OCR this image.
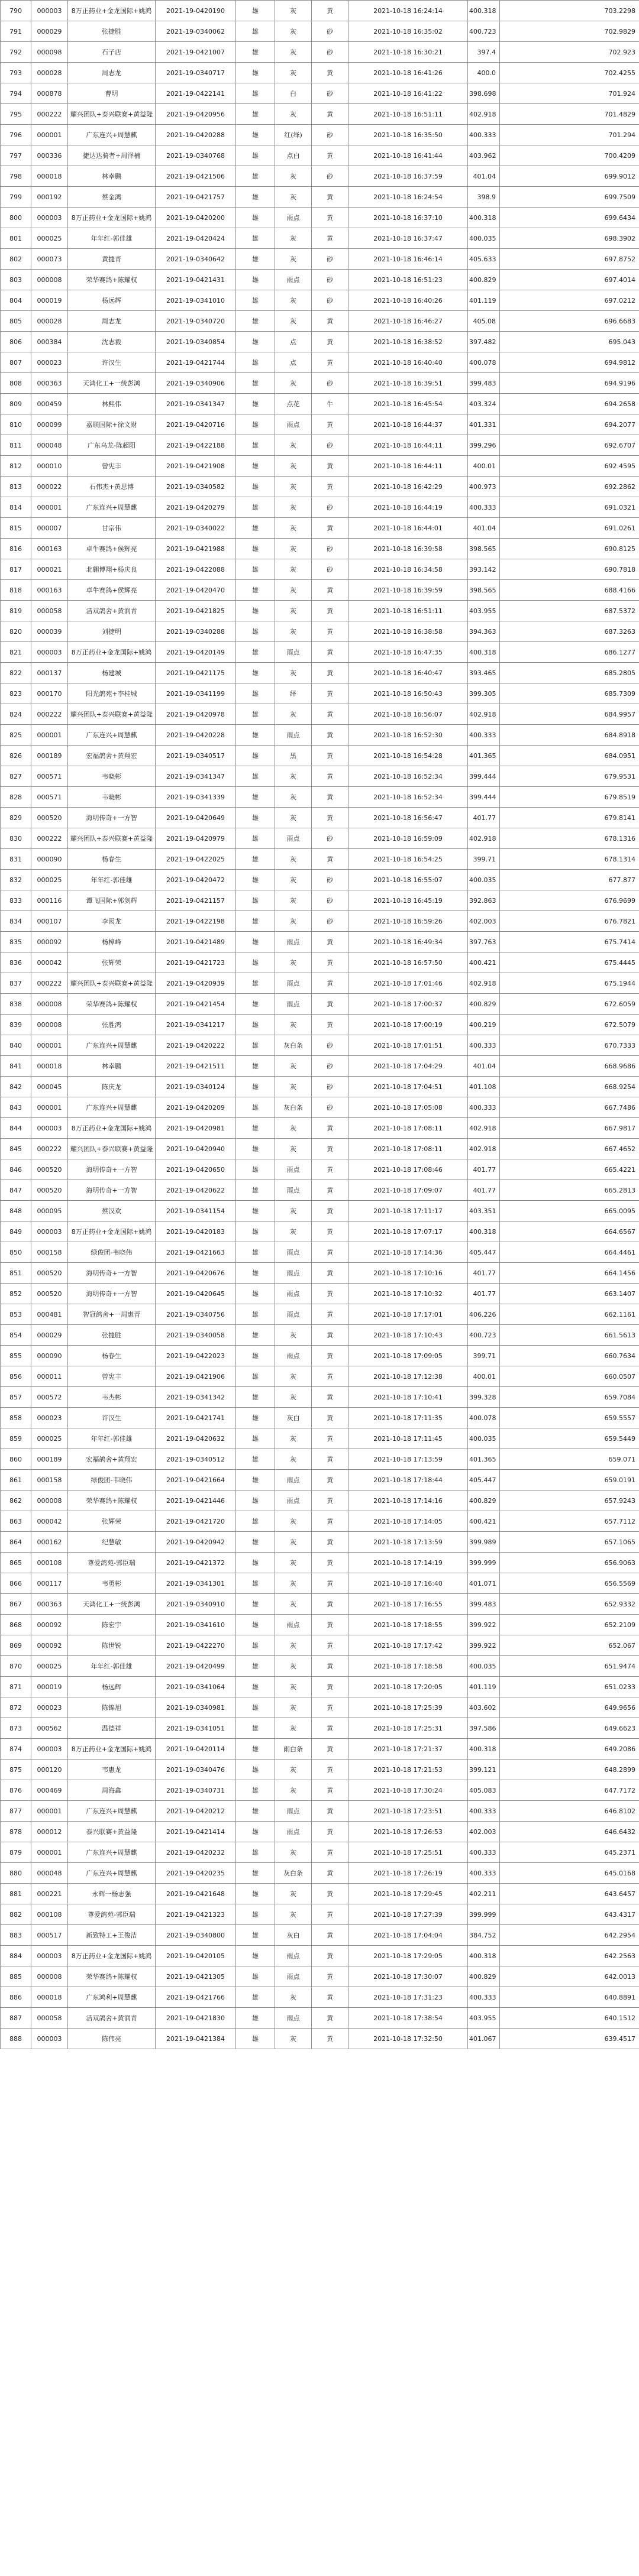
790	000003	8万正药业+金龙国际+姚鸿	2021-19-0420190	雄	灰	黄	2021-10-18 16:24:14	400.318	703.2298
791	000029	张捷胜	2021-19-0340062	雄	灰	砂	2021-10-18 16:35:02	400.723	702.9829
792	000098	石子店	2021-19-0421007	雄	灰	砂	2021-10-18 16:30:21	397.4	702.923
793	000028	周志龙	2021-19-0340717	雄	灰	黄	2021-10-18 16:41:26	400.0	702.4255
794	000878	曹明	2021-19-0422141	雄	白	砂	2021-10-18 16:41:22	398.698	701.924
795	000222	耀兴团队+泰兴联赛+黄益隆	2021-19-0420956	雄	灰	黄	2021-10-18 16:51:11	402.918	701.4829
796	000001	广东连兴+周慧麒	2021-19-0420288	雄	红(绎)	砂	2021-10-18 16:35:50	400.333	701.294
797	000336	捷达达骑者+周泽楠	2021-19-0340768	雄	点白	黄	2021-10-18 16:41:44	403.962	700.4209
798	000018	林幸鹏	2021-19-0421506	雄	灰	砂	2021-10-18 16:37:59	401.04	699.9012
799	000192	蔡金鸿	2021-19-0421757	雄	灰	黄	2021-10-18 16:24:54	398.9	699.7509
800	000003	8万正药业+金龙国际+姚鸿	2021-19-0420200	雄	雨点	黄	2021-10-18 16:37:10	400.318	699.6434
801	000025	年年红-郭佳雄	2021-19-0420424	雄	灰	黄	2021-10-18 16:37:47	400.035	698.3902
802	000073	黄捷青	2021-19-0340642	雄	灰	砂	2021-10-18 16:46:14	405.633	697.8752
803	000008	荣华赛鸽+陈耀权	2021-19-0421431	雄	雨点	砂	2021-10-18 16:51:23	400.829	697.4014
804	000019	杨远辉	2021-19-0341010	雄	灰	砂	2021-10-18 16:40:26	401.119	697.0212
805	000028	周志龙	2021-19-0340720	雄	灰	黄	2021-10-18 16:46:27	405.08	696.6683
806	000384	沈志毅	2021-19-0340854	雄	点	黄	2021-10-18 16:38:52	397.482	695.043
807	000023	许汉生	2021-19-0421744	雄	点	黄	2021-10-18 16:40:40	400.078	694.9812
808	000363	天鸿化工+一统彭鸿	2021-19-0340906	雄	灰	砂	2021-10-18 16:39:51	399.483	694.9196
809	000459	林熙伟	2021-19-0341347	雄	点花	牛	2021-10-18 16:45:54	403.324	694.2658
810	000099	嘉联国际+徐文财	2021-19-0420716	雄	雨点	黄	2021-10-18 16:44:37	401.331	694.2077
811	000048	广东乌龙-陈超阳	2021-19-0422188	雄	灰	砂	2021-10-18 16:44:11	399.296	692.6707
812	000010	曾宪丰	2021-19-0421908	雄	灰	黄	2021-10-18 16:44:11	400.01	692.4595
813	000022	石伟杰+黄思博	2021-19-0340582	雄	灰	黄	2021-10-18 16:42:29	400.973	692.2862
814	000001	广东连兴+周慧麒	2021-19-0420279	雄	灰	砂	2021-10-18 16:44:19	400.333	691.0321
815	000007	甘宗伟	2021-19-0340022	雄	灰	黄	2021-10-18 16:44:01	401.04	691.0261
816	000163	卓牛赛鸽+侯辉亮	2021-19-0421988	雄	灰	砂	2021-10-18 16:39:58	398.565	690.8125
817	000021	北翱博翔+杨庆良	2021-19-0422088	雄	灰	砂	2021-10-18 16:34:58	393.142	690.7818
818	000163	卓牛赛鸽+侯辉亮	2021-19-0420470	雄	灰	黄	2021-10-18 16:39:59	398.565	688.4166
819	000058	洁双鸽舍+黄润青	2021-19-0421825	雄	灰	黄	2021-10-18 16:51:11	403.955	687.5372
820	000039	刘捷明	2021-19-0340288	雄	灰	黄	2021-10-18 16:38:58	394.363	687.3263
821	000003	8万正药业+金龙国际+姚鸿	2021-19-0420149	雄	雨点	黄	2021-10-18 16:47:35	400.318	686.1277
822	000137	杨建城	2021-19-0421175	雄	灰	黄	2021-10-18 16:40:47	393.465	685.2805
823	000170	阳光鸽苑+李桂城	2021-19-0341199	雄	绎	黄	2021-10-18 16:50:43	399.305	685.7309
824	000222	耀兴团队+泰兴联赛+黄益隆	2021-19-0420978	雄	灰	黄	2021-10-18 16:56:07	402.918	684.9957
825	000001	广东连兴+周慧麒	2021-19-0420228	雄	雨点	黄	2021-10-18 16:52:30	400.333	684.8918
826	000189	宏福鸽舍+黄翔宏	2021-19-0340517	雄	黑	黄	2021-10-18 16:54:28	401.365	684.0951
827	000571	韦晓彬	2021-19-0341347	雄	灰	黄	2021-10-18 16:52:34	399.444	679.9531
828	000571	韦晓彬	2021-19-0341339	雄	灰	黄	2021-10-18 16:52:34	399.444	679.8519
829	000520	海明传奇+一方智	2021-19-0420649	雄	灰	黄	2021-10-18 16:56:47	401.77	679.8141
830	000222	耀兴团队+泰兴联赛+黄益隆	2021-19-0420979	雄	雨点	砂	2021-10-18 16:59:09	402.918	678.1316
831	000090	杨春生	2021-19-0422025	雄	灰	黄	2021-10-18 16:54:25	399.71	678.1314
832	000025	年年红-郭佳雄	2021-19-0420472	雄	灰	砂	2021-10-18 16:55:07	400.035	677.877
833	000116	谭飞国际+郭剑辉	2021-19-0421157	雄	灰	砂	2021-10-18 16:45:19	392.863	676.9699
834	000107	李闳龙	2021-19-0422198	雄	灰	砂	2021-10-18 16:59:26	402.003	676.7821
835	000092	杨樟峰	2021-19-0421489	雄	雨点	黄	2021-10-18 16:49:34	397.763	675.7414
836	000042	张辉荣	2021-19-0421723	雄	灰	黄	2021-10-18 16:57:50	400.421	675.4445
837	000222	耀兴团队+泰兴联赛+黄益隆	2021-19-0420939	雄	雨点	黄	2021-10-18 17:01:46	402.918	675.1944
838	000008	荣华赛鸽+陈耀权	2021-19-0421454	雄	雨点	黄	2021-10-18 17:00:37	400.829	672.6059
839	000008	张胜鸿	2021-19-0341217	雄	灰	黄	2021-10-18 17:00:19	400.219	672.5079
840	000001	广东连兴+周慧麒	2021-19-0420222	雄	灰白条	砂	2021-10-18 17:01:51	400.333	670.7333
841	000018	林幸鹏	2021-19-0421511	雄	灰	砂	2021-10-18 17:04:29	401.04	668.9686
842	000045	陈庆龙	2021-19-0340124	雄	灰	砂	2021-10-18 17:04:51	401.108	668.9254
843	000001	广东连兴+周慧麒	2021-19-0420209	雄	灰白条	砂	2021-10-18 17:05:08	400.333	667.7486
844	000003	8万正药业+金龙国际+姚鸿	2021-19-0420981	雄	灰	黄	2021-10-18 17:08:11	402.918	667.9817
845	000222	耀兴团队+泰兴联赛+黄益隆	2021-19-0420940	雄	灰	黄	2021-10-18 17:08:11	402.918	667.4652
846	000520	海明传奇+一方智	2021-19-0420650	雄	雨点	黄	2021-10-18 17:08:46	401.77	665.4221
847	000520	海明传奇+一方智	2021-19-0420622	雄	雨点	黄	2021-10-18 17:09:07	401.77	665.2813
848	000095	蔡汉欢	2021-19-0341154	雄	灰	黄	2021-10-18 17:11:17	403.351	665.0095
849	000003	8万正药业+金龙国际+姚鸿	2021-19-0420183	雄	灰	黄	2021-10-18 17:07:17	400.318	664.6567
850	000158	绿俊团-韦晓伟	2021-19-0421663	雄	雨点	黄	2021-10-18 17:14:36	405.447	664.4461
851	000520	海明传奇+一方智	2021-19-0420676	雄	雨点	黄	2021-10-18 17:10:16	401.77	664.1456
852	000520	海明传奇+一方智	2021-19-0420645	雄	雨点	黄	2021-10-18 17:10:32	401.77	663.1407
853	000481	智冠鸽舍+一周惠青	2021-19-0340756	雄	雨点	黄	2021-10-18 17:17:01	406.226	662.1161
854	000029	张捷胜	2021-19-0340058	雄	灰	黄	2021-10-18 17:10:43	400.723	661.5613
855	000090	杨春生	2021-19-0422023	雄	雨点	黄	2021-10-18 17:09:05	399.71	660.7634
856	000011	曾宪丰	2021-19-0421906	雄	灰	黄	2021-10-18 17:12:38	400.01	660.0507
857	000572	韦杰彬	2021-19-0341342	雄	灰	黄	2021-10-18 17:10:41	399.328	659.7084
858	000023	许汉生	2021-19-0421741	雄	灰白	黄	2021-10-18 17:11:35	400.078	659.5557
859	000025	年年红-郭佳雄	2021-19-0420632	雄	灰	黄	2021-10-18 17:11:45	400.035	659.5449
860	000189	宏福鸽舍+黄翔宏	2021-19-0340512	雄	灰	黄	2021-10-18 17:13:59	401.365	659.071
861	000158	绿俊团-韦晓伟	2021-19-0421664	雄	雨点	黄	2021-10-18 17:18:44	405.447	659.0191
862	000008	荣华赛鸽+陈耀权	2021-19-0421446	雄	雨点	黄	2021-10-18 17:14:16	400.829	657.9243
863	000042	张辉荣	2021-19-0421720	雄	灰	黄	2021-10-18 17:14:05	400.421	657.7112
864	000162	纪慧敏	2021-19-0420942	雄	灰	黄	2021-10-18 17:13:59	399.989	657.1065
865	000108	尊爱鸽苑-郭臣瑞	2021-19-0421372	雄	灰	黄	2021-10-18 17:14:19	399.999	656.9063
866	000117	韦勇彬	2021-19-0341301	雄	灰	黄	2021-10-18 17:16:40	401.071	656.5569
867	000363	天鸿化工+一统彭鸿	2021-19-0340910	雄	灰	黄	2021-10-18 17:16:55	399.483	652.9332
868	000092	陈宏宇	2021-19-0341610	雄	雨点	黄	2021-10-18 17:18:55	399.922	652.2109
869	000092	陈世锐	2021-19-0422270	雄	灰	黄	2021-10-18 17:17:42	399.922	652.067
870	000025	年年红-郭佳雄	2021-19-0420499	雄	灰	黄	2021-10-18 17:18:58	400.035	651.9474
871	000019	杨远辉	2021-19-0341064	雄	灰	黄	2021-10-18 17:20:05	401.119	651.0233
872	000023	陈锦旭	2021-19-0340981	雄	灰	黄	2021-10-18 17:25:39	403.602	649.9656
873	000562	温德祥	2021-19-0341051	雄	灰	黄	2021-10-18 17:25:31	397.586	649.6623
874	000003	8万正药业+金龙国际+姚鸿	2021-19-0420114	雄	雨白条	黄	2021-10-18 17:21:37	400.318	649.2086
875	000120	韦惠龙	2021-19-0340476	雄	灰	黄	2021-10-18 17:21:53	399.121	648.2899
876	000469	周海鑫	2021-19-0340731	雄	灰	黄	2021-10-18 17:30:24	405.083	647.7172
877	000001	广东连兴+周慧麒	2021-19-0420212	雄	雨点	黄	2021-10-18 17:23:51	400.333	646.8102
878	000012	泰兴联赛+黄益隆	2021-19-0421414	雄	雨点	黄	2021-10-18 17:26:53	402.003	646.6432
879	000001	广东连兴+周慧麒	2021-19-0420232	雄	灰	黄	2021-10-18 17:25:51	400.333	645.2371
880	000048	广东连兴+周慧麒	2021-19-0420235	雄	灰白条	黄	2021-10-18 17:26:19	400.333	645.0168
881	000221	永辉一杨志强	2021-19-0421648	雄	灰	黄	2021-10-18 17:29:45	402.211	643.6457
882	000108	尊爱鸽苑-郭臣瑞	2021-19-0421323	雄	灰	黄	2021-10-18 17:27:39	399.999	643.4317
883	000517	新致特工+王俊洁	2021-19-0340800	雄	灰白	黄	2021-10-18 17:04:04	384.752	642.2954
884	000003	8万正药业+金龙国际+姚鸿	2021-19-0420105	雄	雨点	黄	2021-10-18 17:29:05	400.318	642.2563
885	000008	荣华赛鸽+陈耀权	2021-19-0421305	雄	雨点	黄	2021-10-18 17:30:07	400.829	642.0013
886	000018	广东鸿利+周慧麒	2021-19-0421766	雄	灰	黄	2021-10-18 17:31:23	400.333	640.8891
887	000058	洁双鸽舍+黄润青	2021-19-0421830	雄	雨点	黄	2021-10-18 17:38:54	403.955	640.1512
888	000003	陈伟亮	2021-19-0421384	雄	灰	黄	2021-10-18 17:32:50	401.067	639.4517
